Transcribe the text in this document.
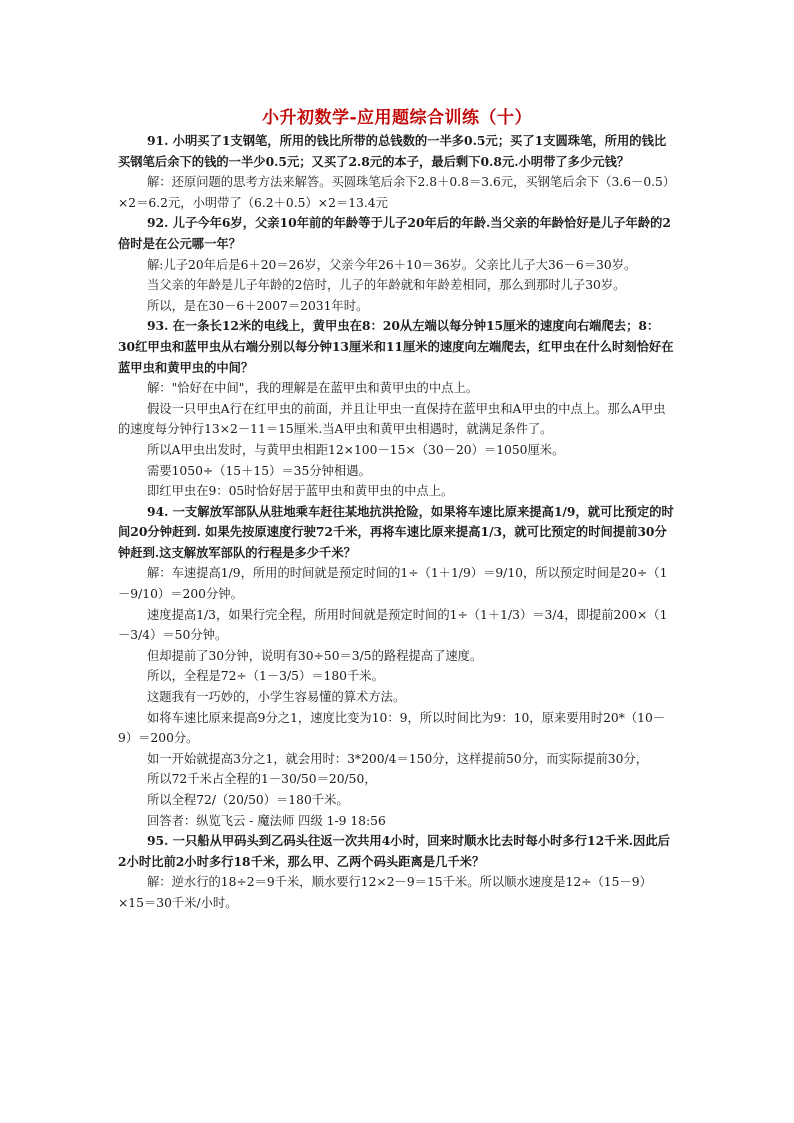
小升初数学-应用题综合训练（十）

91. 小明买了1支钢笔，所用的钱比所带的总钱数的一半多0.5元；买了1支圆珠笔，所用的钱比买钢笔后余下的钱的一半少0.5元；又买了2.8元的本子，最后剩下0.8元.小明带了多少元钱？

解：还原问题的思考方法来解答。买圆珠笔后余下2.8＋0.8＝3.6元，买钢笔后余下（3.6－0.5）×2＝6.2元，小明带了（6.2＋0.5）×2＝13.4元

92. 儿子今年6岁，父亲10年前的年龄等于儿子20年后的年龄.当父亲的年龄恰好是儿子年龄的2倍时是在公元哪一年？

解:儿子20年后是6＋20＝26岁，父亲今年26＋10＝36岁。父亲比儿子大36－6＝30岁。

当父亲的年龄是儿子年龄的2倍时，儿子的年龄就和年龄差相同，那么到那时儿子30岁。

所以，是在30－6＋2007＝2031年时。

93. 在一条长12米的电线上，黄甲虫在8：20从左端以每分钟15厘米的速度向右端爬去；8：30红甲虫和蓝甲虫从右端分别以每分钟13厘米和11厘米的速度向左端爬去，红甲虫在什么时刻恰好在蓝甲虫和黄甲虫的中间？

解："恰好在中间"，我的理解是在蓝甲虫和黄甲虫的中点上。

假设一只甲虫A行在红甲虫的前面，并且让甲虫一直保持在蓝甲虫和A甲虫的中点上。那么A甲虫的速度每分钟行13×2－11＝15厘米.当A甲虫和黄甲虫相遇时，就满足条件了。

所以A甲虫出发时，与黄甲虫相距12×100－15×（30－20）＝1050厘米。

需要1050÷（15＋15）＝35分钟相遇。

即红甲虫在9：05时恰好居于蓝甲虫和黄甲虫的中点上。

94. 一支解放军部队从驻地乘车赶往某地抗洪抢险，如果将车速比原来提高1/9，就可比预定的时间20分钟赶到. 如果先按原速度行驶72千米，再将车速比原来提高1/3，就可比预定的时间提前30分钟赶到.这支解放军部队的行程是多少千米？

解：车速提高1/9，所用的时间就是预定时间的1÷（1＋1/9）＝9/10，所以预定时间是20÷（1－9/10）＝200分钟。

速度提高1/3，如果行完全程，所用时间就是预定时间的1÷（1＋1/3）＝3/4，即提前200×（1－3/4）＝50分钟。

但却提前了30分钟，说明有30÷50＝3/5的路程提高了速度。

所以，全程是72÷（1－3/5）＝180千米。

这题我有一巧妙的，小学生容易懂的算术方法。

如将车速比原来提高9分之1，速度比变为10：9，所以时间比为9：10，原来要用时20*（10－9）＝200分。

如一开始就提高3分之1，就会用时：3*200/4＝150分，这样提前50分，而实际提前30分，

所以72千米占全程的1－30/50＝20/50，

所以全程72/（20/50）＝180千米。

回答者：纵览飞云 - 魔法师 四级 1-9 18:56

95. 一只船从甲码头到乙码头往返一次共用4小时，回来时顺水比去时每小时多行12千米.因此后2小时比前2小时多行18千米，那么甲、乙两个码头距离是几千米？

解：逆水行的18÷2＝9千米，顺水要行12×2－9＝15千米。所以顺水速度是12÷（15－9）×15＝30千米/小时。
